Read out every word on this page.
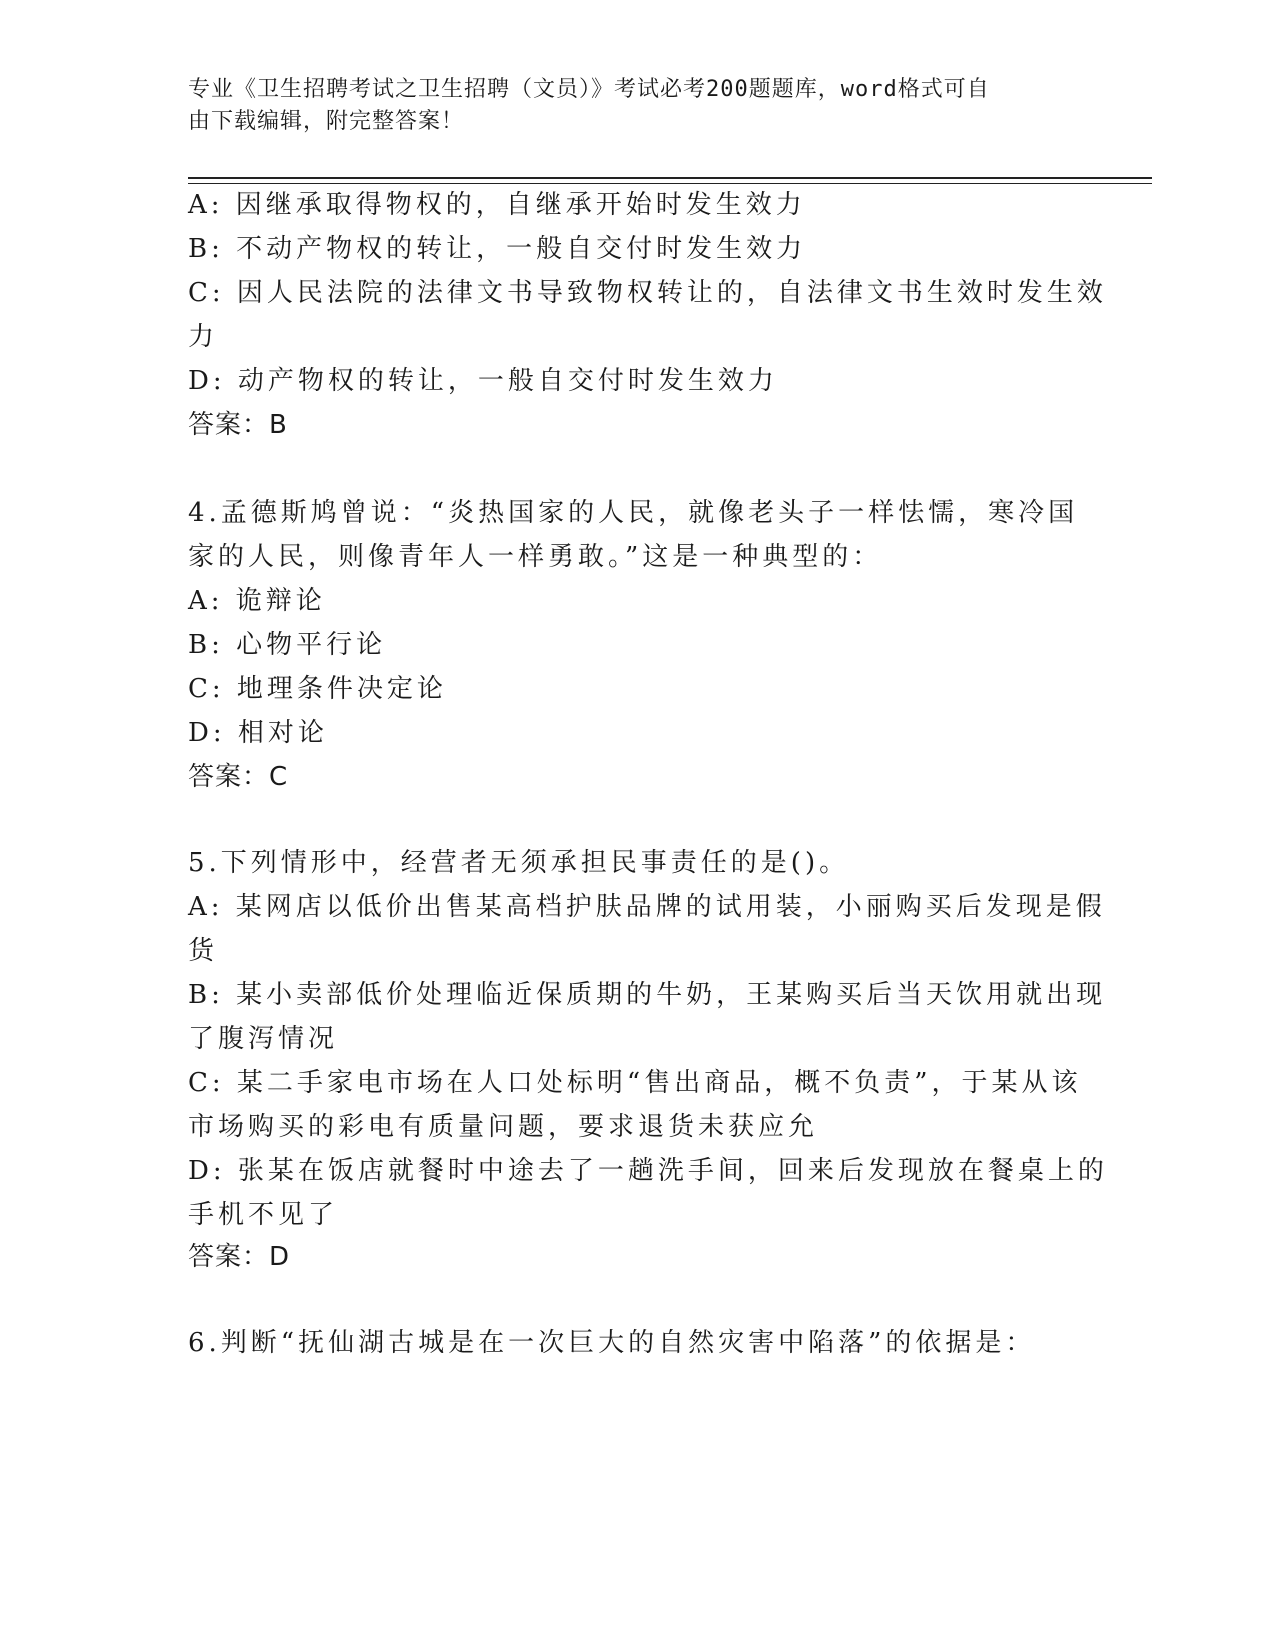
专业《卫生招聘考试之卫生招聘（文员）》考试必考200题题库，word格式可自
由下载编辑，附完整答案！
A: 因继承取得物权的，自继承开始时发生效力
B: 不动产物权的转让，一般自交付时发生效力
C: 因人民法院的法律文书导致物权转让的，自法律文书生效时发生效
力
D: 动产物权的转让，一般自交付时发生效力
答案：B
4.孟德斯鸠曾说：“炎热国家的人民，就像老头子一样怯懦，寒冷国
家的人民，则像青年人一样勇敢。”这是一种典型的：
A: 诡辩论
B: 心物平行论
C: 地理条件决定论
D: 相对论
答案：C
5.下列情形中，经营者无须承担民事责任的是()。
A: 某网店以低价出售某高档护肤品牌的试用装，小丽购买后发现是假
货
B: 某小卖部低价处理临近保质期的牛奶，王某购买后当天饮用就出现
了腹泻情况
C: 某二手家电市场在人口处标明“售出商品，概不负责”，于某从该
市场购买的彩电有质量问题，要求退货未获应允
D: 张某在饭店就餐时中途去了一趟洗手间，回来后发现放在餐桌上的
手机不见了
答案：D
6.判断“抚仙湖古城是在一次巨大的自然灾害中陷落”的依据是：
